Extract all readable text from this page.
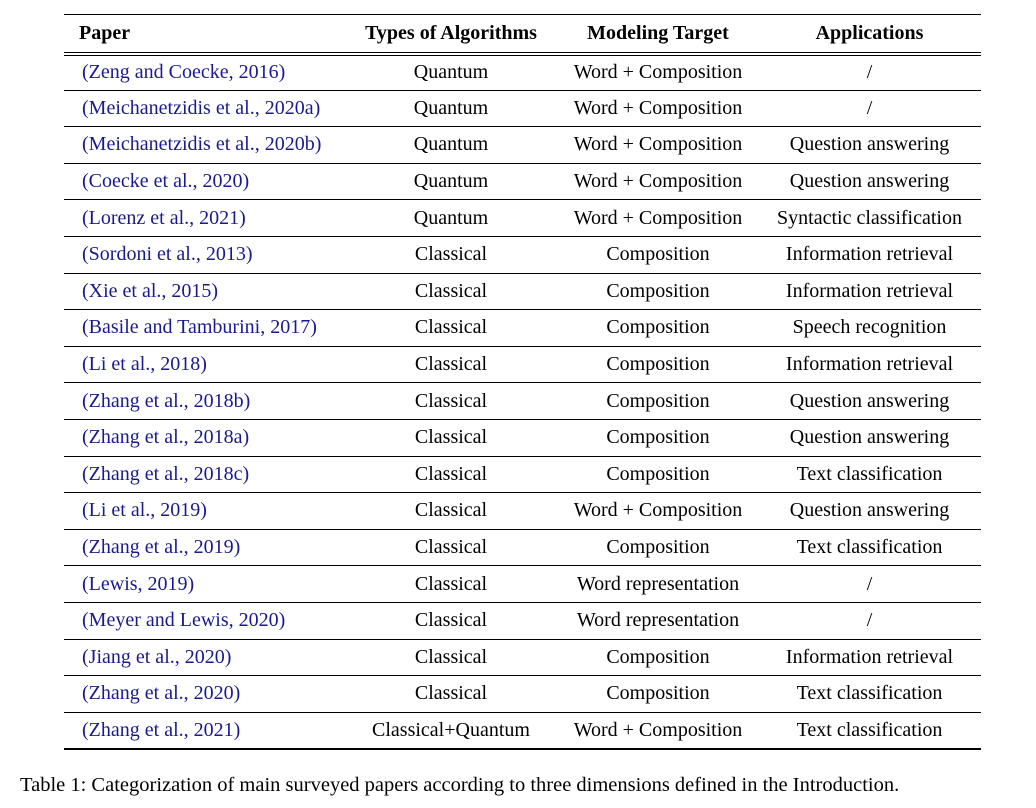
Paper	Types of Algorithms	Modeling Target	Applications
(Zeng and Coecke, 2016)	Quantum	Word + Composition	/
(Meichanetzidis et al., 2020a)	Quantum	Word + Composition	/
(Meichanetzidis et al., 2020b)	Quantum	Word + Composition	Question answering
(Coecke et al., 2020)	Quantum	Word + Composition	Question answering
(Lorenz et al., 2021)	Quantum	Word + Composition	Syntactic classification
(Sordoni et al., 2013)	Classical	Composition	Information retrieval
(Xie et al., 2015)	Classical	Composition	Information retrieval
(Basile and Tamburini, 2017)	Classical	Composition	Speech recognition
(Li et al., 2018)	Classical	Composition	Information retrieval
(Zhang et al., 2018b)	Classical	Composition	Question answering
(Zhang et al., 2018a)	Classical	Composition	Question answering
(Zhang et al., 2018c)	Classical	Composition	Text classification
(Li et al., 2019)	Classical	Word + Composition	Question answering
(Zhang et al., 2019)	Classical	Composition	Text classification
(Lewis, 2019)	Classical	Word representation	/
(Meyer and Lewis, 2020)	Classical	Word representation	/
(Jiang et al., 2020)	Classical	Composition	Information retrieval
(Zhang et al., 2020)	Classical	Composition	Text classification
(Zhang et al., 2021)	Classical+Quantum	Word + Composition	Text classification
Table 1: Categorization of main surveyed papers according to three dimensions defined in the Introduction.
